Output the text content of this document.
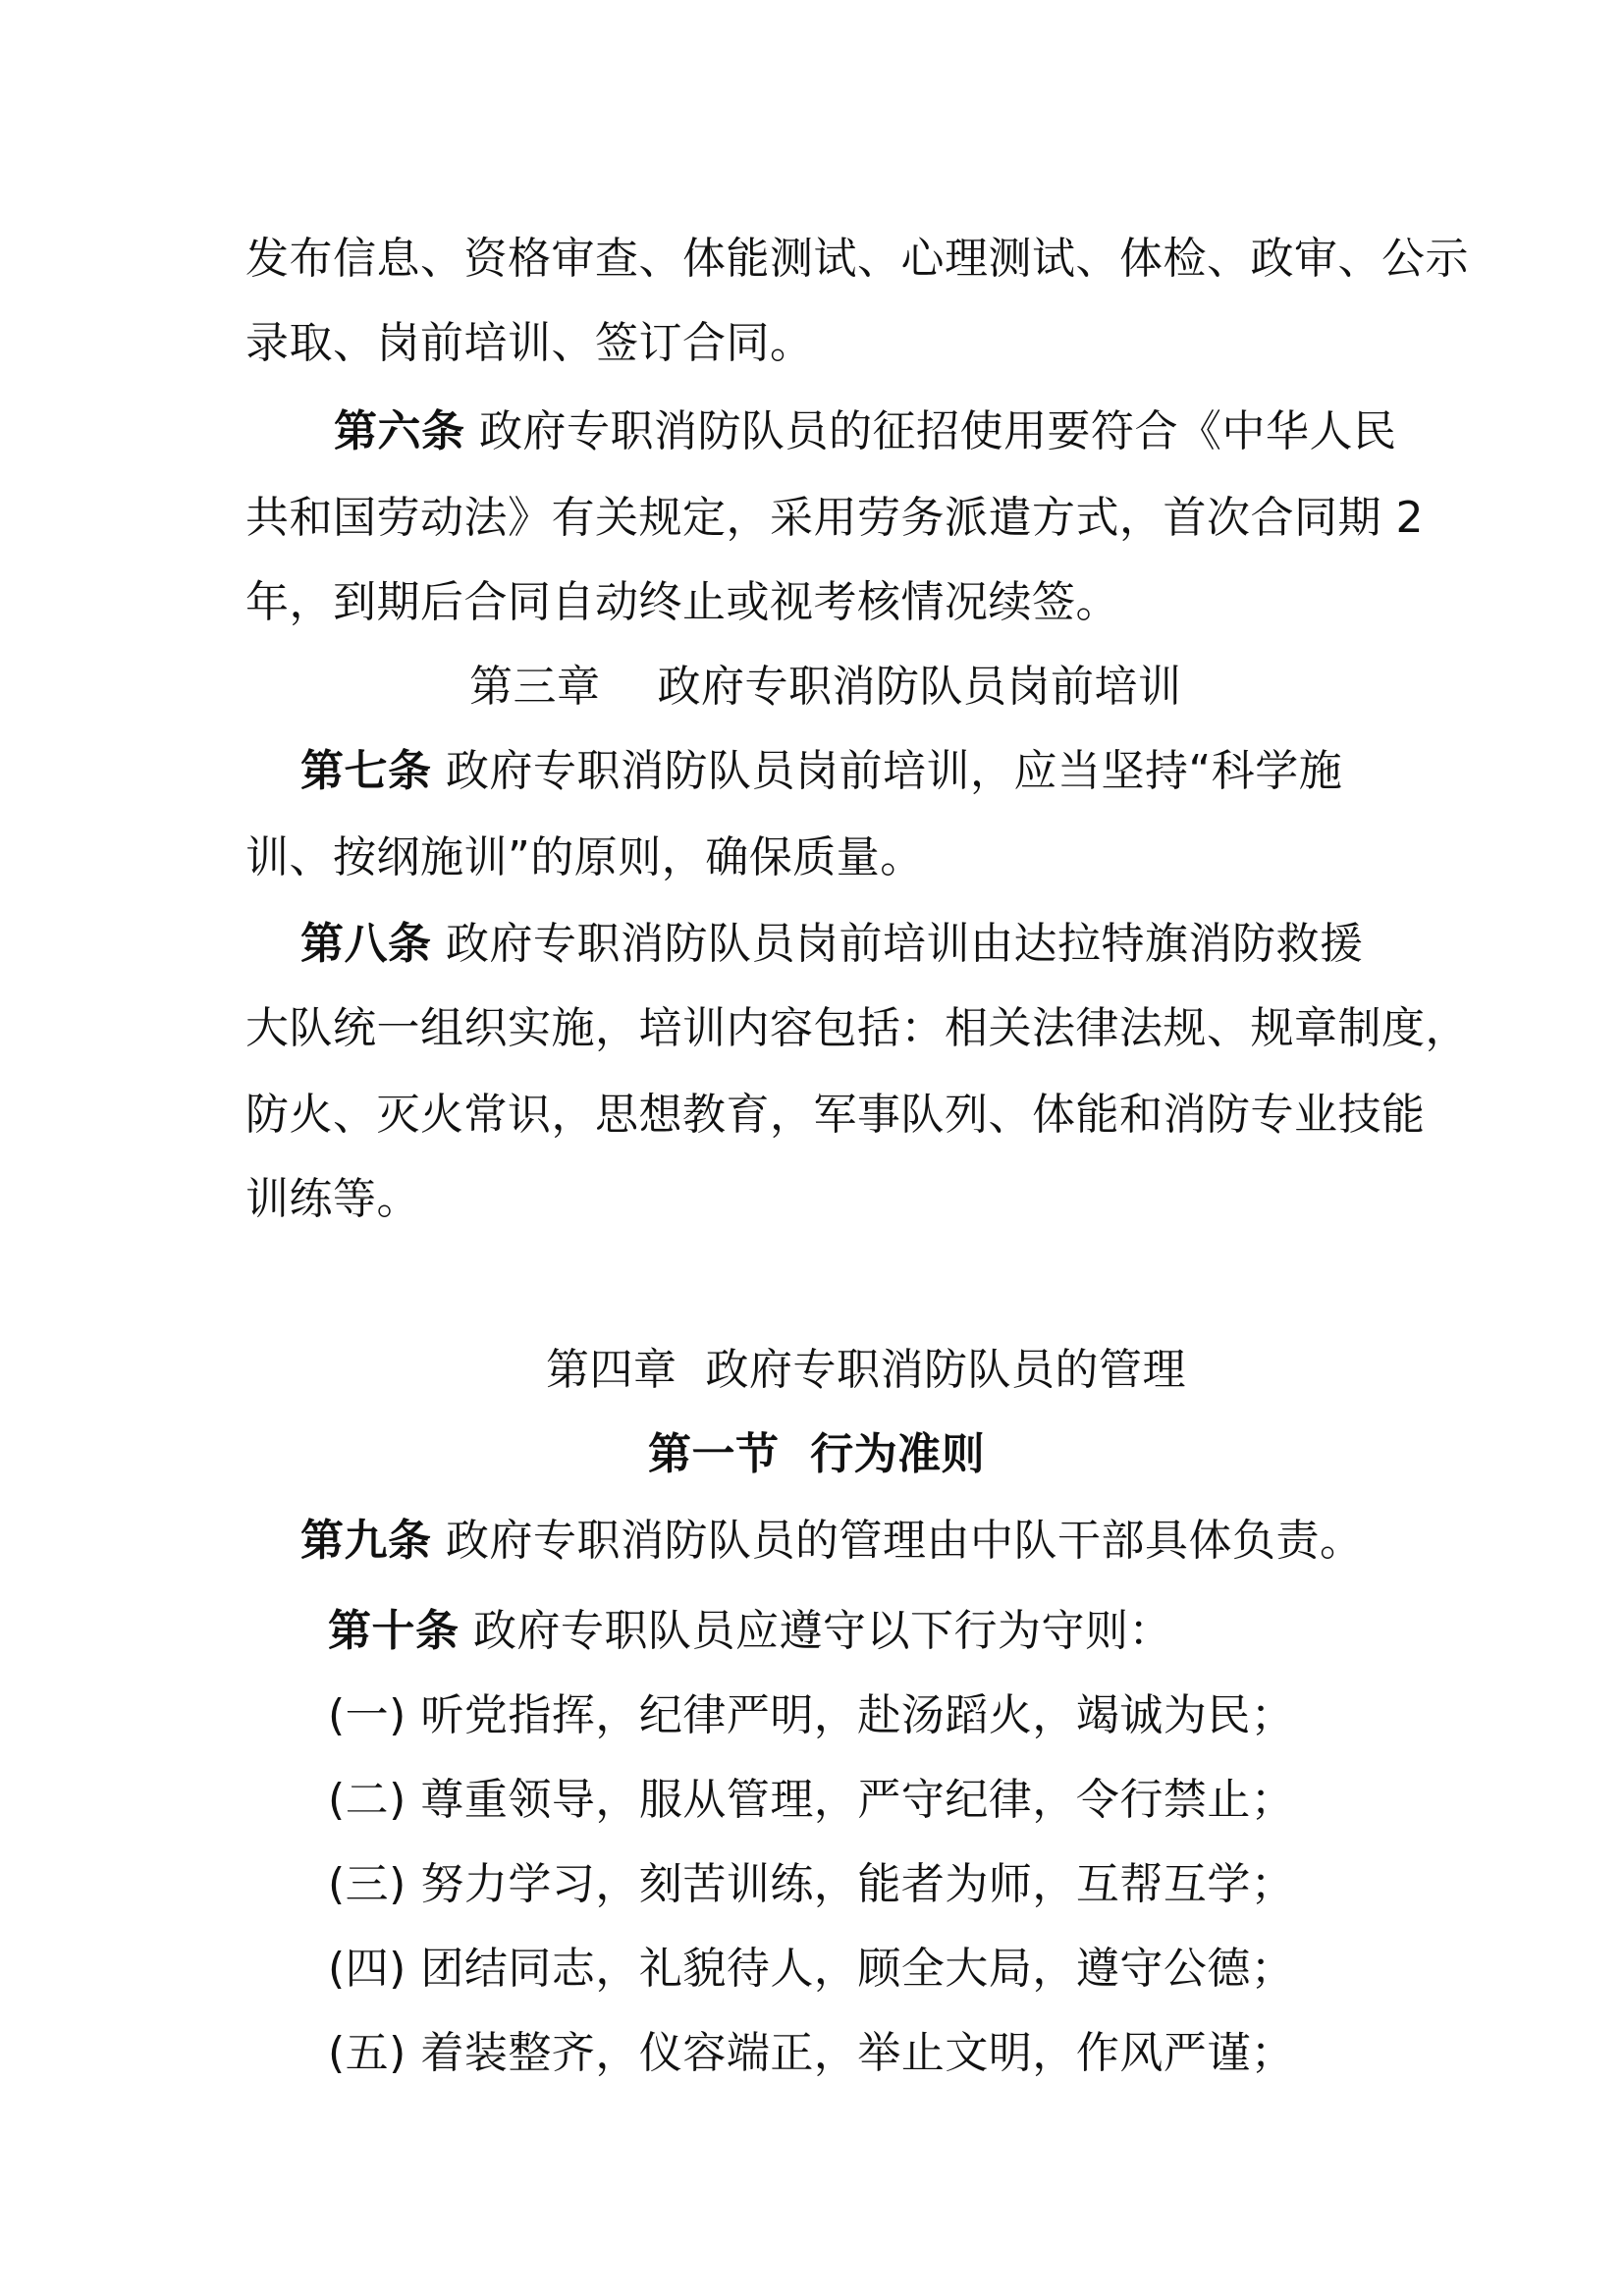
发布信息、资格审查、体能测试、心理测试、体检、政审、公示
录取、岗前培训、签订合同。
第六条 政府专职消防队员的征招使用要符合《中华人民
共和国劳动法》有关规定，采用劳务派遣方式，首次合同期 2
年，到期后合同自动终止或视考核情况续签。
第三章    政府专职消防队员岗前培训
第七条 政府专职消防队员岗前培训，应当坚持“科学施
训、按纲施训”的原则，确保质量。
第八条 政府专职消防队员岗前培训由达拉特旗消防救援
大队统一组织实施，培训内容包括：相关法律法规、规章制度，
防火、灭火常识，思想教育，军事队列、体能和消防专业技能
训练等。
第四章  政府专职消防队员的管理
第一节  行为准则
第九条 政府专职消防队员的管理由中队干部具体负责。
第十条 政府专职队员应遵守以下行为守则：
(一) 听党指挥，纪律严明，赴汤蹈火，竭诚为民；
(二) 尊重领导，服从管理，严守纪律，令行禁止；
(三) 努力学习，刻苦训练，能者为师，互帮互学；
(四) 团结同志，礼貌待人，顾全大局，遵守公德；
(五) 着装整齐，仪容端正，举止文明，作风严谨；
